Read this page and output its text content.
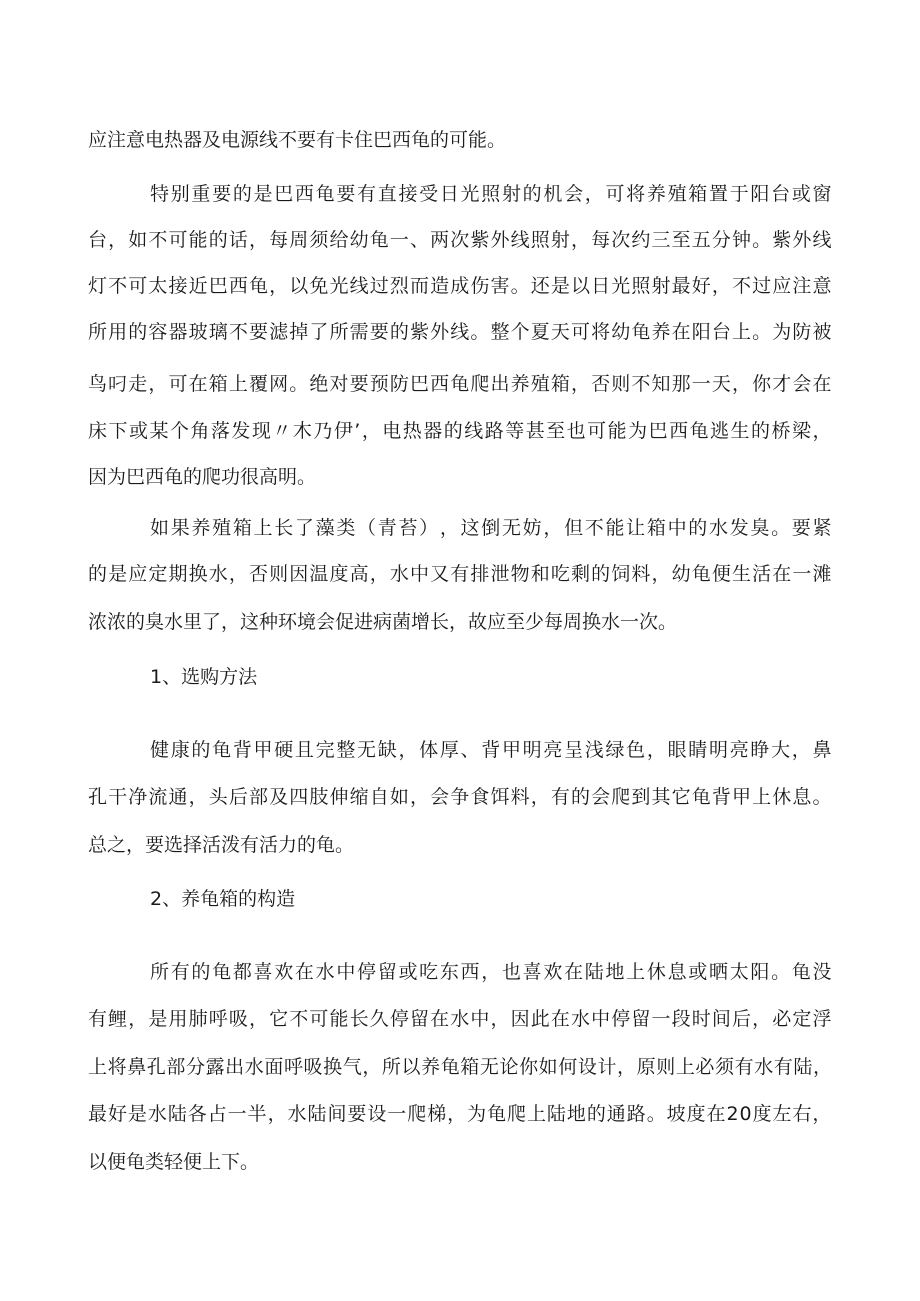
应注意电热器及电源线不要有卡住巴西龟的可能。
特 别 重 要 的 是 巴 西 龟 要 有 直 接 受 日 光 照 射 的 机 会 ， 可 将 养 殖 箱 置 于 阳 台 或 窗
台 ， 如 不 可 能 的 话 ， 每 周 须 给 幼 龟 一 、 两 次 紫 外 线 照 射 ， 每 次 约 三 至 五 分 钟 。 紫 外 线
灯 不 可 太 接 近 巴 西 龟 ， 以 免 光 线 过 烈 而 造 成 伤 害 。 还 是 以 日 光 照 射 最 好 ， 不 过 应 注 意
所 用 的 容 器 玻 璃 不 要 滤 掉 了 所 需 要 的 紫 外 线 。 整 个 夏 天 可 将 幼 龟 养 在 阳 台 上 。 为 防 被
鸟 叼 走 ， 可 在 箱 上 覆 网 。 绝 对 要 预 防 巴 西 龟 爬 出 养 殖 箱 ， 否 则 不 知 那 一 天 ， 你 才 会 在
床 下 或 某 个 角 落 发 现 〃 木 乃 伊 ’ ， 电 热 器 的 线 路 等 甚 至 也 可 能 为 巴 西 龟 逃 生 的 桥 梁 ，
因为巴西龟的爬功很高明。
如 果 养 殖 箱 上 长 了 藻 类 （ 青 苔 ） ， 这 倒 无 妨 ， 但 不 能 让 箱 中 的 水 发 臭 。 要 紧
的 是 应 定 期 换 水 ， 否 则 因 温 度 高 ， 水 中 又 有 排 泄 物 和 吃 剩 的 饲 料 ， 幼 龟 便 生 活 在 一 滩
浓浓的臭水里了，这种环境会促进病菌增长，故应至少每周换水一次。
1、选购方法
健 康 的 龟 背 甲 硬 且 完 整 无 缺 ， 体 厚 、 背 甲 明 亮 呈 浅 绿 色 ， 眼 睛 明 亮 睁 大 ， 鼻
孔 干 净 流 通 ， 头 后 部 及 四 肢 伸 缩 自 如 ， 会 争 食 饵 料 ， 有 的 会 爬 到 其 它 龟 背 甲 上 休 息 。
总之，要选择活泼有活力的龟。
2、养龟箱的构造
所 有 的 龟 都 喜 欢 在 水 中 停 留 或 吃 东 西 ， 也 喜 欢 在 陆 地 上 休 息 或 晒 太 阳 。 龟 没
有 鲤 ， 是 用 肺 呼 吸 ， 它 不 可 能 长 久 停 留 在 水 中 ， 因 此 在 水 中 停 留 一 段 时 间 后 ， 必 定 浮
上 将 鼻 孔 部 分 露 出 水 面 呼 吸 换 气 ， 所 以 养 龟 箱 无 论 你 如 何 设 计 ， 原 则 上 必 须 有 水 有 陆 ，
最 好 是 水 陆 各 占 一 半 ， 水 陆 间 要 设 一 爬 梯 ， 为 龟 爬 上 陆 地 的 通 路 。 坡 度 在 2 0 度 左 右 ，
以便龟类轻便上下。
